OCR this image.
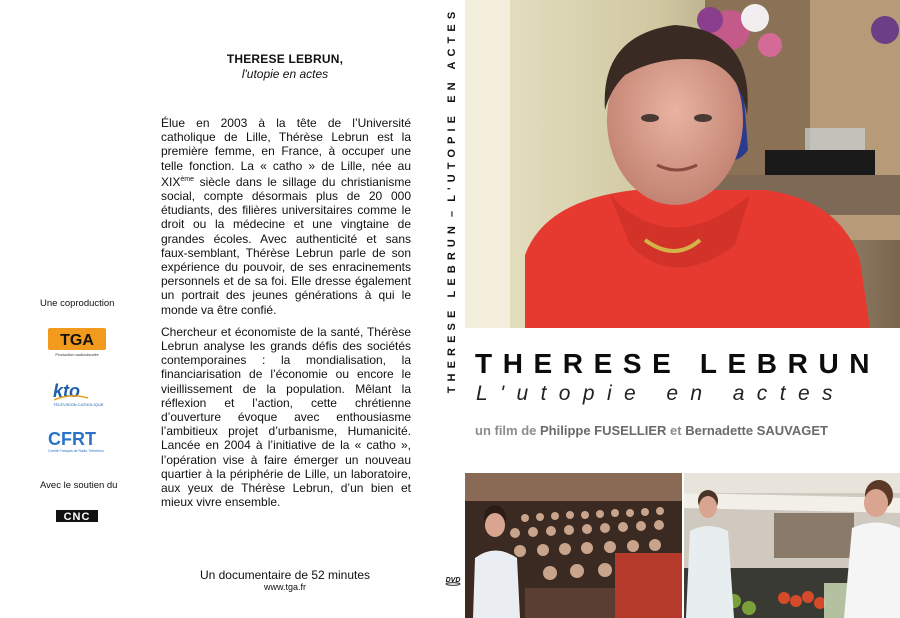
THERESE LEBRUN,
l'utopie en actes

Élue en 2003 à la tête de l’Université catholique de Lille, Thérèse Lebrun est la première femme, en France, à occuper une telle fonction. La « catho » de Lille, née au XIXème siècle dans le sillage du christianisme social, compte désormais plus de 20 000 étudiants, des filières universitaires comme le droit ou la médecine et une vingtaine de grandes écoles. Avec authenticité et sans faux-semblant, Thérèse Lebrun parle de son expérience du pouvoir, de ses enracinements personnels et de sa foi. Elle dresse également un portrait des jeunes générations à qui le monde va être confié.

Chercheur et économiste de la santé, Thérèse Lebrun analyse les grands défis des sociétés contemporaines : la mondialisation, la financiarisation de l’économie ou encore le vieillissement de la population. Mêlant la réflexion et l’action, cette chrétienne d’ouverture évoque avec enthousiasme l’ambitieux projet d’urbanisme, Humanicité. Lancée en 2004 à l’initiative de la « catho », l’opération vise à faire émerger un nouveau quartier à la périphérie de Lille, un laboratoire, aux yeux de Thérèse Lebrun, d’un bien et mieux vivre ensemble.

Une coproduction
TGA
Production audiovisuelle
kto
TÉLÉVISION CATHOLIQUE
CFRT
Comité Français de Radio-Télévision
Avec le soutien du
CNC
Un documentaire de 52 minutes
www.tga.fr
THERESE LEBRUN–L'UTOPIE EN ACTES
DVD
THERESE LEBRUN
L'utopie en actes
un film de Philippe FUSELLIER et Bernadette SAUVAGET
